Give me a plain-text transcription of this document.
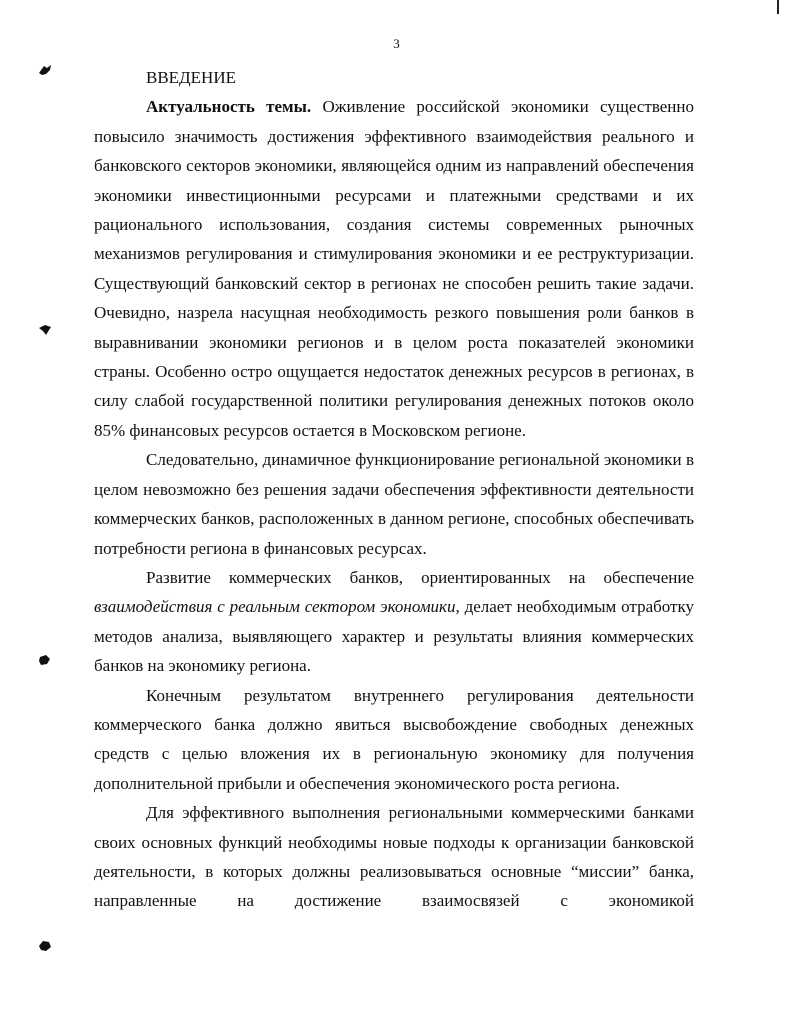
3
ВВЕДЕНИЕ

Актуальность темы. Оживление российской экономики существенно повысило значимость достижения эффективного взаимодействия реального и банковского секторов экономики, являющейся одним из направлений обеспечения экономики инвестиционными ресурсами и платежными средствами и их рационального использования, создания системы современных рыночных механизмов регулирования и стимулирования экономики и ее реструктуризации. Существующий банковский сектор в регионах не способен решить такие задачи. Очевидно, назрела насущная необходимость резкого повышения роли банков в выравнивании экономики регионов и в целом роста показателей экономики страны. Особенно остро ощущается недостаток денежных ресурсов в регионах, в силу слабой государственной политики регулирования денежных потоков около 85% финансовых ресурсов остается в Московском регионе.

Следовательно, динамичное функционирование региональной экономики в целом невозможно без решения задачи обеспечения эффективности деятельности коммерческих банков, расположенных в данном регионе, способных обеспечивать потребности региона в финансовых ресурсах.

Развитие коммерческих банков, ориентированных на обеспечение взаимодействия с реальным сектором экономики, делает необходимым отработку методов анализа, выявляющего характер и результаты влияния коммерческих банков на экономику региона.

Конечным результатом внутреннего регулирования деятельности коммерческого банка должно явиться высвобождение свободных денежных средств с целью вложения их в региональную экономику для получения дополнительной прибыли и обеспечения экономического роста региона.

Для эффективного выполнения региональными коммерческими банками своих основных функций необходимы новые подходы к организации банковской деятельности, в которых должны реализовываться основные “миссии” банка, направленные на достижение взаимосвязей с экономикой
